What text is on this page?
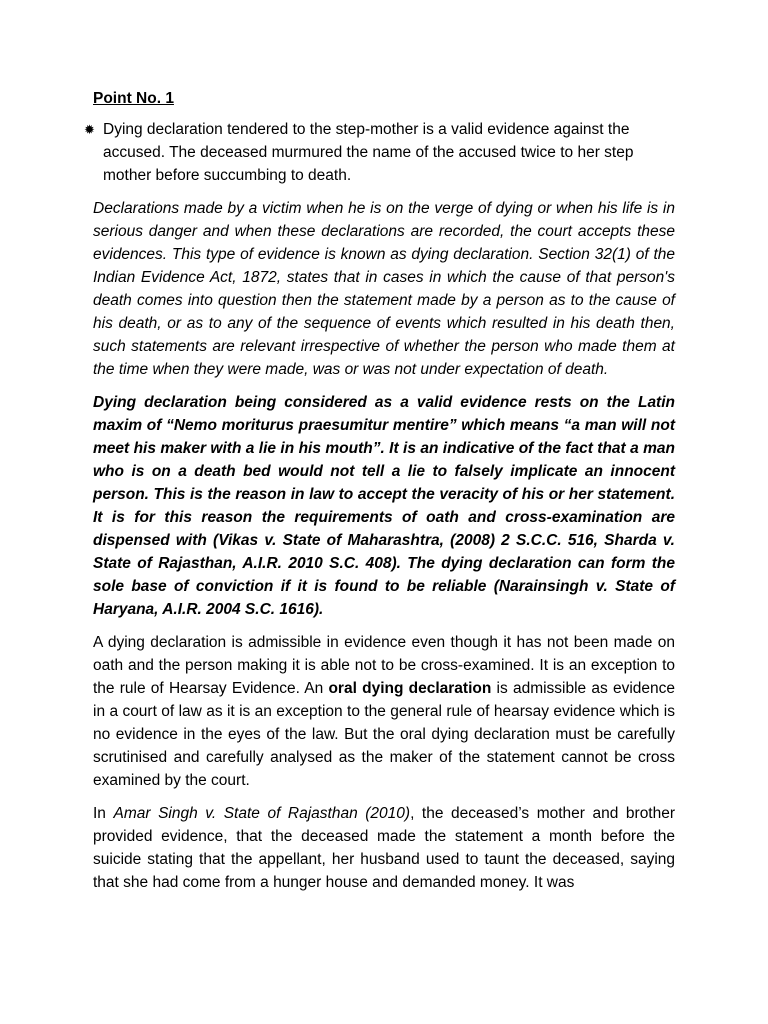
Point No. 1
✹ Dying declaration tendered to the step-mother is a valid evidence against the accused. The deceased murmured the name of the accused twice to her step mother before succumbing to death.

Declarations made by a victim when he is on the verge of dying or when his life is in serious danger and when these declarations are recorded, the court accepts these evidences. This type of evidence is known as dying declaration. Section 32(1) of the Indian Evidence Act, 1872, states that in cases in which the cause of that person's death comes into question then the statement made by a person as to the cause of his death, or as to any of the sequence of events which resulted in his death then, such statements are relevant irrespective of whether the person who made them at the time when they were made, was or was not under expectation of death.

Dying declaration being considered as a valid evidence rests on the Latin maxim of “Nemo moriturus praesumitur mentire” which means “a man will not meet his maker with a lie in his mouth”. It is an indicative of the fact that a man who is on a death bed would not tell a lie to falsely implicate an innocent person. This is the reason in law to accept the veracity of his or her statement. It is for this reason the requirements of oath and cross-examination are dispensed with (Vikas v. State of Maharashtra, (2008) 2 S.C.C. 516, Sharda v. State of Rajasthan, A.I.R. 2010 S.C. 408). The dying declaration can form the sole base of conviction if it is found to be reliable (Narainsingh v. State of Haryana, A.I.R. 2004 S.C. 1616).

A dying declaration is admissible in evidence even though it has not been made on oath and the person making it is able not to be cross-examined. It is an exception to the rule of Hearsay Evidence. An oral dying declaration is admissible as evidence in a court of law as it is an exception to the general rule of hearsay evidence which is no evidence in the eyes of the law. But the oral dying declaration must be carefully scrutinised and carefully analysed as the maker of the statement cannot be cross examined by the court.

In Amar Singh v. State of Rajasthan (2010), the deceased’s mother and brother provided evidence, that the deceased made the statement a month before the suicide stating that the appellant, her husband used to taunt the deceased, saying that she had come from a hunger house and demanded money. It was
